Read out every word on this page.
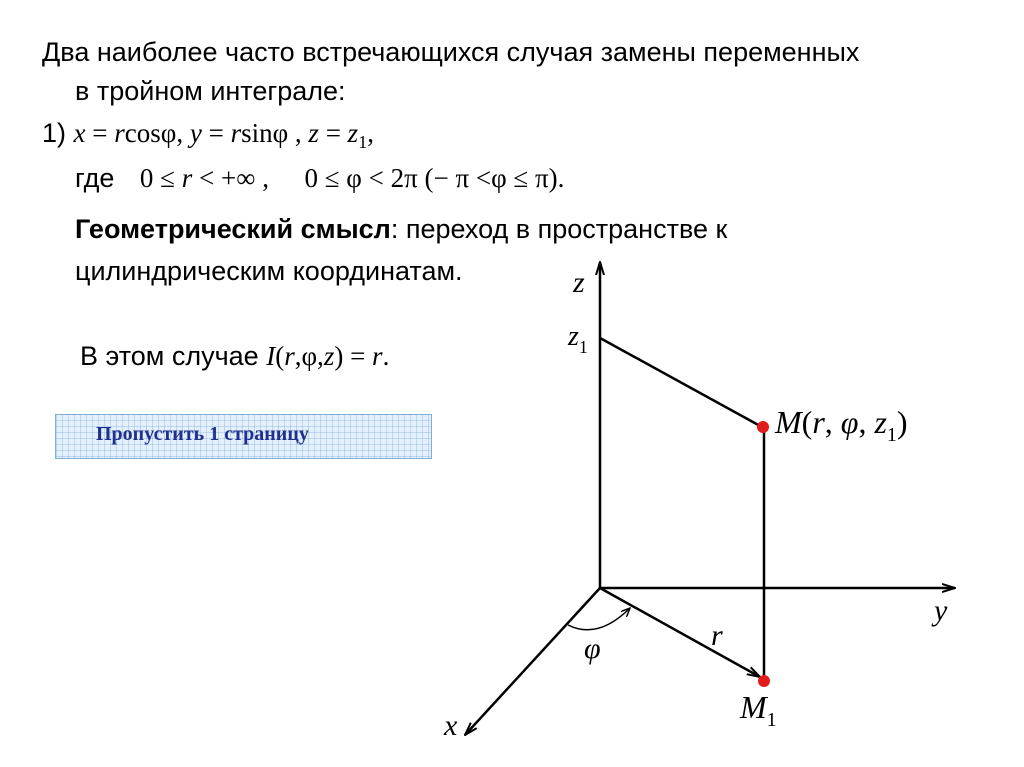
Два наиболее часто встречающихся случая замены переменных
в тройном интеграле:
1) x = rcosφ, y = rsinφ , $z = z_1$,
где 0 ≤ r < +∞ , 0 ≤ φ < 2π (− π <φ ≤ π).
Геометрический смысл: переход в пространстве к
цилиндрическим координатам.
В этом случае I(r,φ,z) = r.
Пропустить 1 страницу
z
y
x
$z_1$
M(r, φ, $z_1$)
$M_1$
r
φ
